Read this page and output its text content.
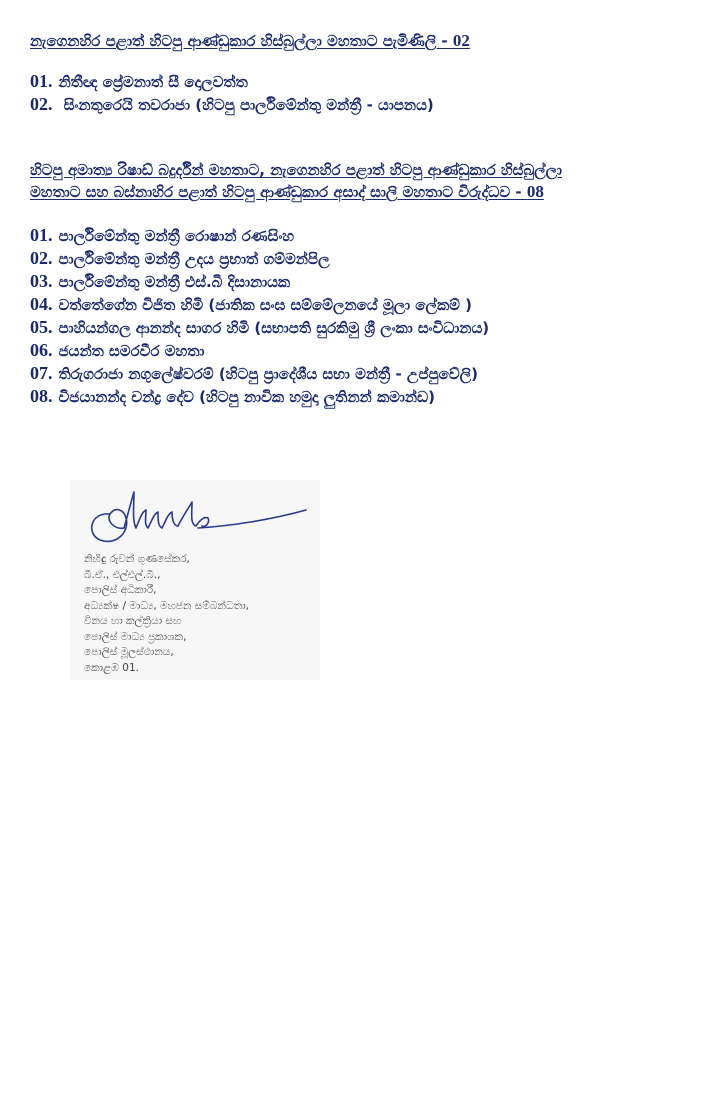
නැගෙනහිර පළාත් හිටපු ආණ්ඩුකාර හිස්බුල්ලා මහතාට පැමිණිලි - 02
01. නිතීඥ ප්‍රේමනාත් සී දොලවත්ත
02. සිංනතුරෙයි තවරාජා (හිටපු පාර්ලිමේන්තු මන්ත්‍රී - යාපනය)
හිටපු අමාත්‍ය රිෂාඩ් බදුර්දීන් මහතාට, නැගෙනහිර පළාත් හිටපු ආණ්ඩුකාර හිස්බුල්ලා
මහතාට සහ බස්නාහිර පළාත් හිටපු ආණ්ඩුකාර අසාද් සාලි මහතාට විරුද්ධව - 08
01. පාර්ලිමේන්තු මන්ත්‍රී රොෂාන් රණසිංහ
02. පාර්ලිමේන්තු මන්ත්‍රී උදය ප්‍රභාත් ගම්මන්පිල
03. පාර්ලිමේන්තු මන්ත්‍රී එස්.බී දිසානායක
04. වත්තේගේන විජිත හිමි (ජාතික සංඝ සම්මේලනයේ මූලා ලේකම් )
05. පාහියන්ගල ආනන්ද සාගර හිමි (සභාපති සුරකිමු ශ්‍රී ලංකා සංවිධානය)
06. ජයන්ත සමරවීර මහතා
07. තිරුගරාජා නගුලේෂ්වරම් (හිටපු ප්‍රාදේශීය සභා මන්ත්‍රී - උප්පුවේලි)
08. විජයානන්ද චන්ද්‍ර දේව (හිටපු නාවික හමුදා ලුතිනන් කමාන්ඩ)
නිහිඳු රුවන් ගුණසේකර,
බී.ඒ., එල්එල්.බී.,
පොලිස් අධිකාරී,
අධ්‍යක්ෂ / මාධ්‍ය, මහජන සම්බන්ධතා,
විනය හා කල්ක්‍රියා සහ
පොලිස් මාධ්‍ය ප්‍රකාශක,
පොලිස් මූලස්ථානය,
කොළඹ 01.
